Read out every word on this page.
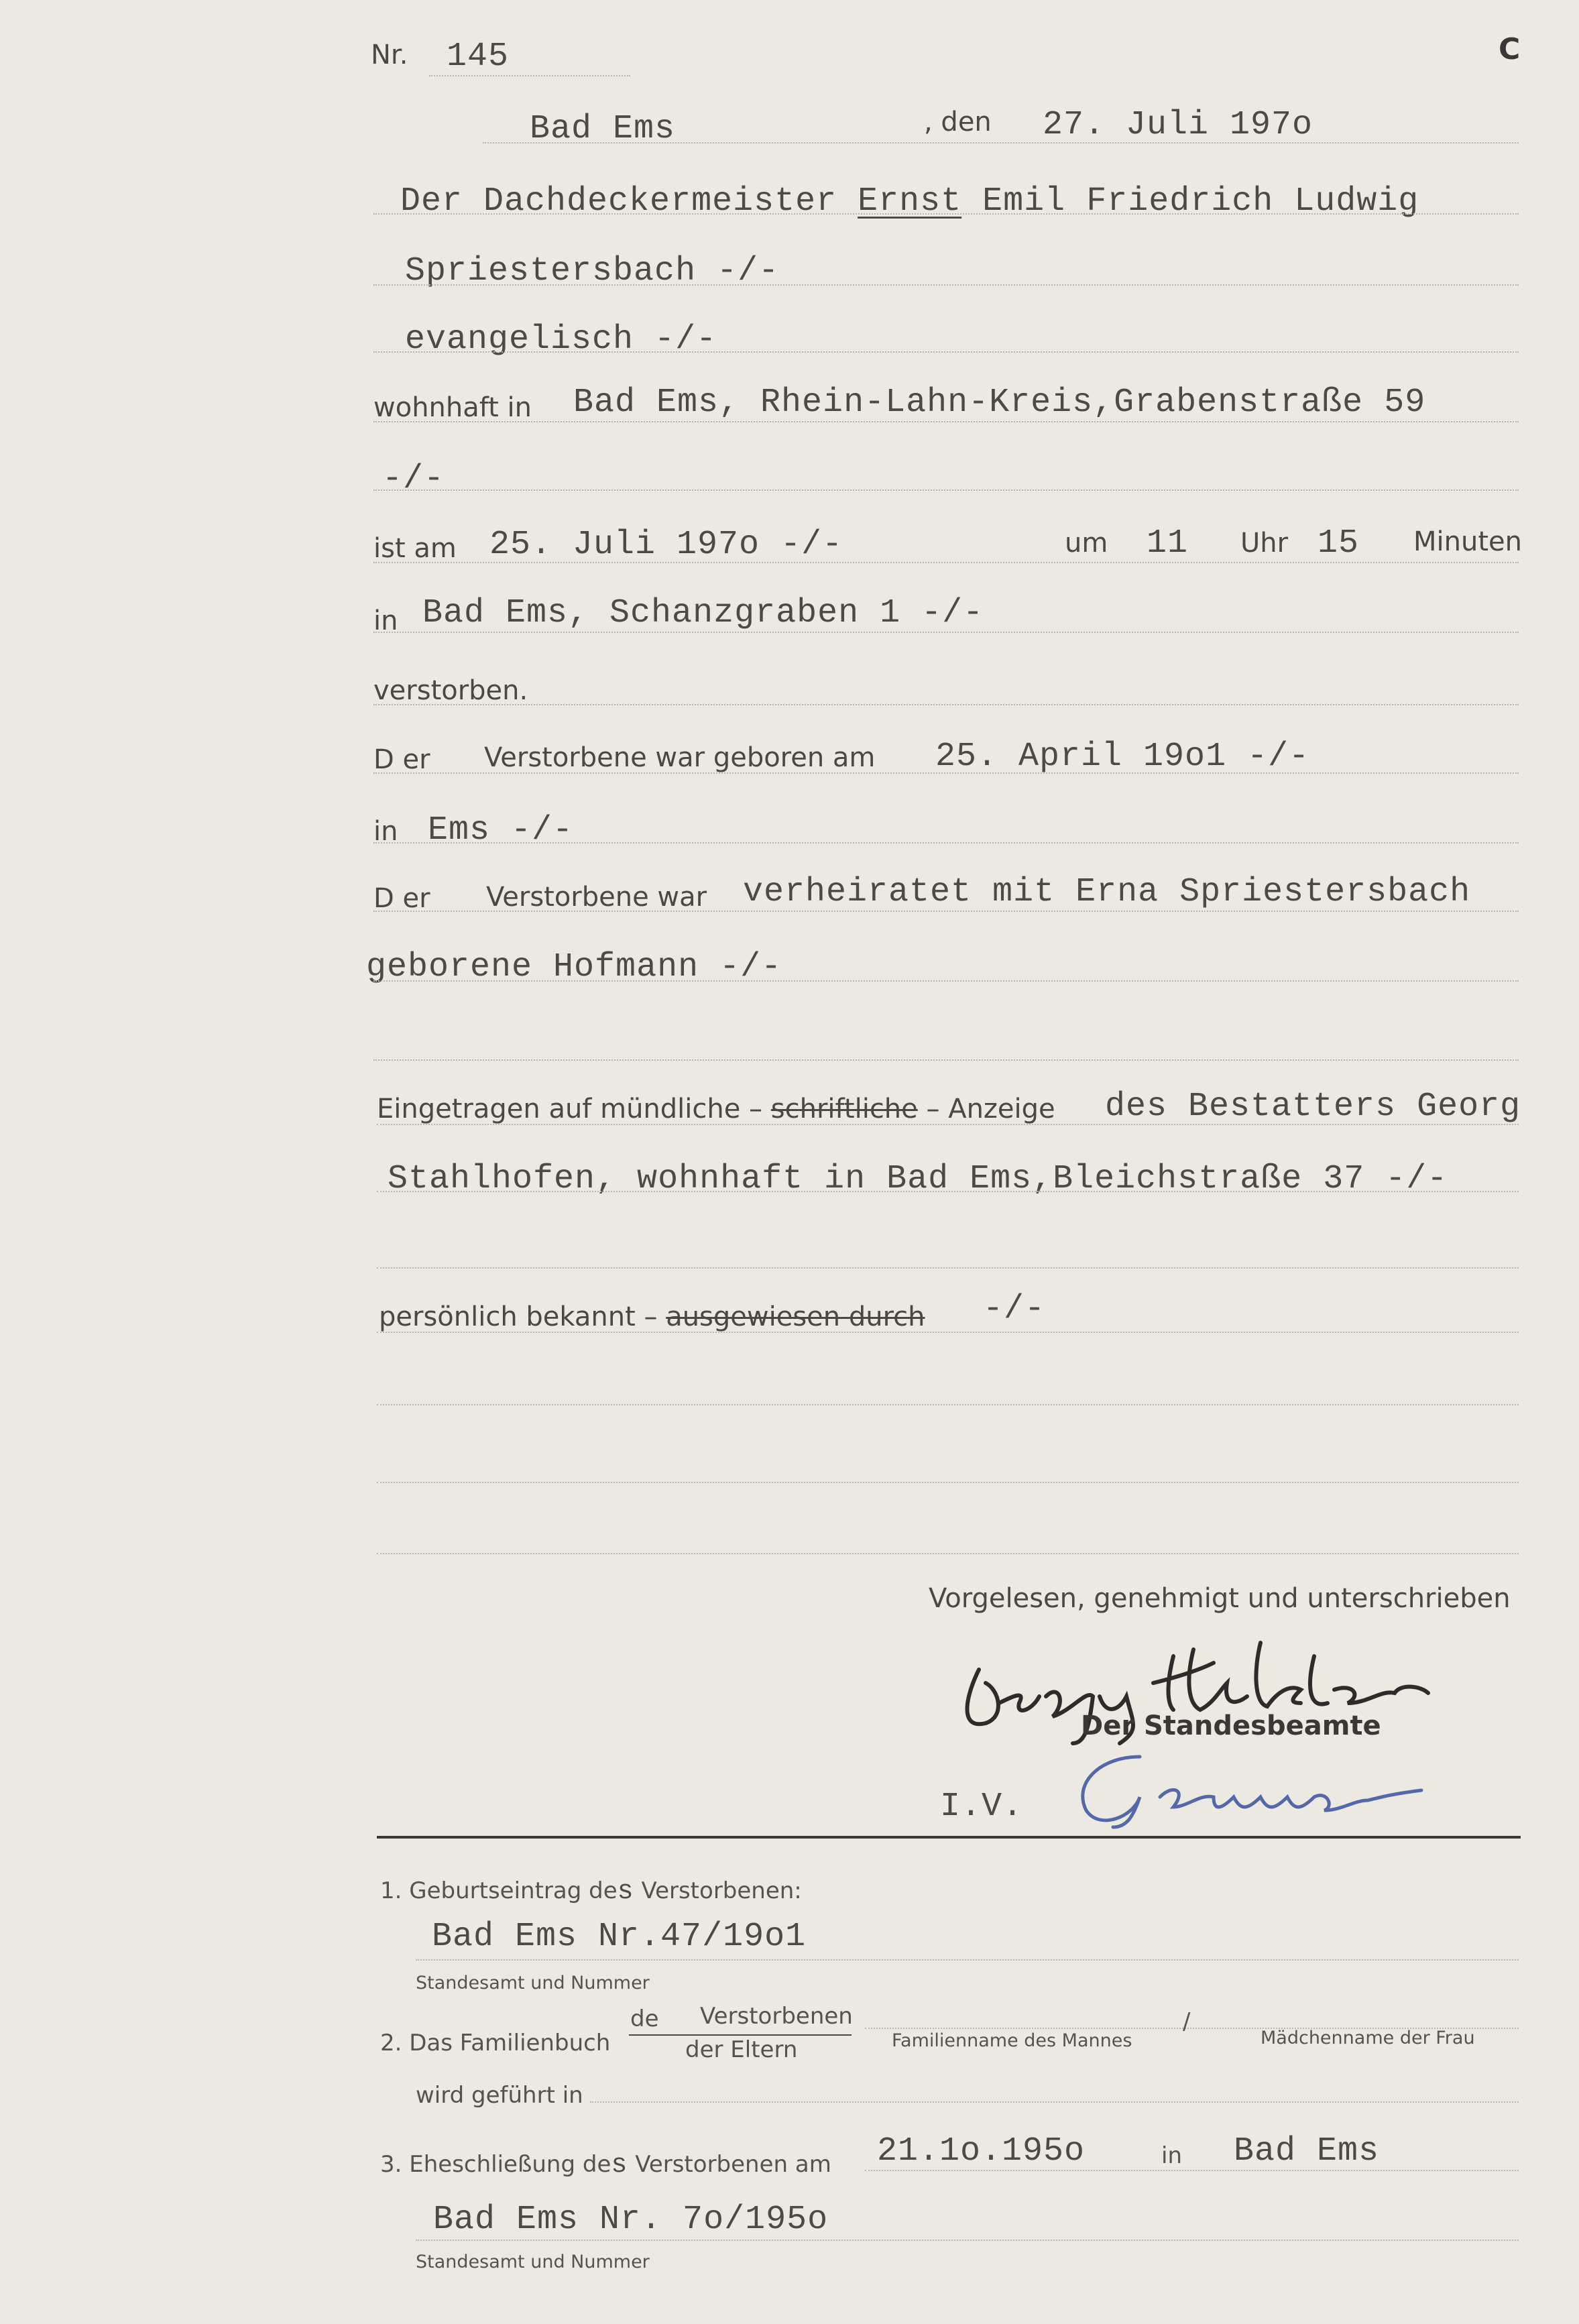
Nr. 145	C
Bad Ems	, den 27. Juli 197o
Der Dachdeckermeister Ernst Emil Friedrich Ludwig
Spriestersbach -/-
evangelisch -/-
wohnhaft in Bad Ems, Rhein-Lahn-Kreis,Grabenstraße 59
-/-
ist am 25. Juli 197o -/-	um 11 Uhr 15 Minuten
in Bad Ems, Schanzgraben 1 -/-
verstorben.
D er Verstorbene war geboren am 25. April 19o1 -/-
in Ems -/-
D er Verstorbene war verheiratet mit Erna Spriestersbach
geborene Hofmann -/-
Eingetragen auf mündliche – schriftliche – Anzeige des Bestatters Georg
Stahlhofen, wohnhaft in Bad Ems,Bleichstraße 37 -/-
persönlich bekannt – ausgewiesen durch -/-
Vorgelesen, genehmigt und unterschrieben
Der Standesbeamte
I.V.
1. Geburtseintrag des Verstorbenen:
Bad Ems Nr.47/19o1
Standesamt und Nummer
2. Das Familienbuch
de Verstorbenen
der Eltern	Familienname des Mannes
/
Mädchenname der Frau
wird geführt in
3. Eheschließung des Verstorbenen am 21.1o.195o	in Bad Ems
Bad Ems Nr. 7o/195o
Standesamt und Nummer
